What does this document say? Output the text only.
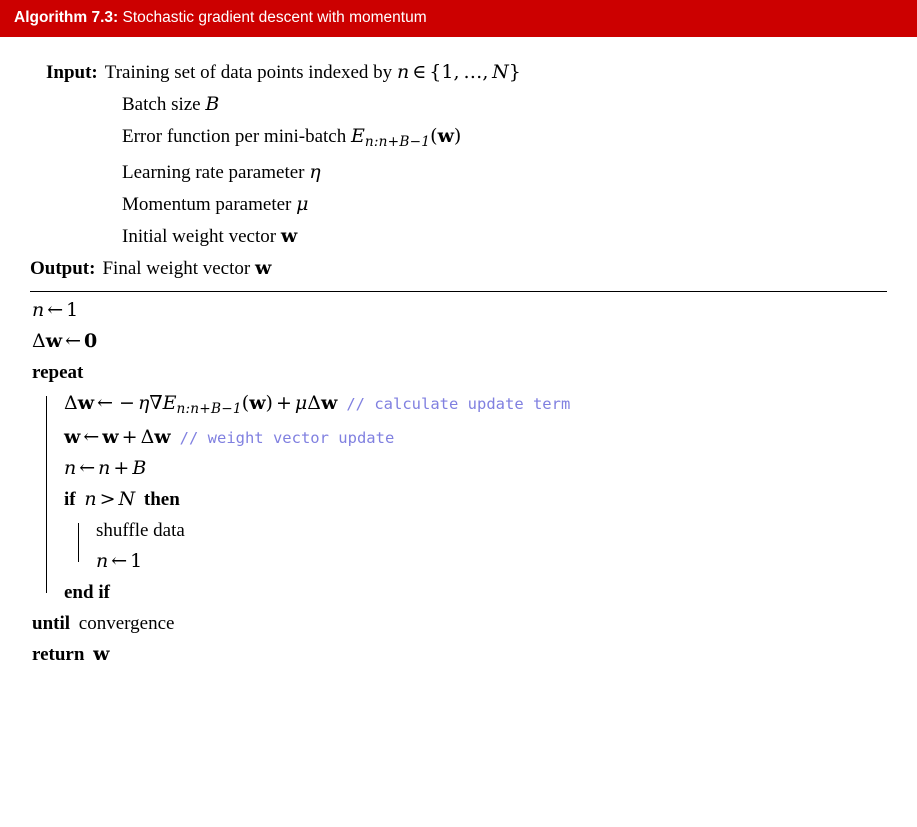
Algorithm 7.3: Stochastic gradient descent with momentum
Input: Training set of data points indexed by n ∈ {1,  …,  N}
Batch size B
Error function per mini-batch $E_{n:n+B-1}(w)$
Learning rate parameter η
Momentum parameter μ
Initial weight vector w
Output: Final weight vector w
n ← 1
Δ w ← 0
repeat
Δw ← − $\eta\nabla E_{n:n+B-1}(w) + \mu\Delta w$ // calculate update term
w ← w + Δw // weight vector update
n ← n + B
if
n > N
then
shuffle data
n ← 1
end if
until
convergence
return
w
